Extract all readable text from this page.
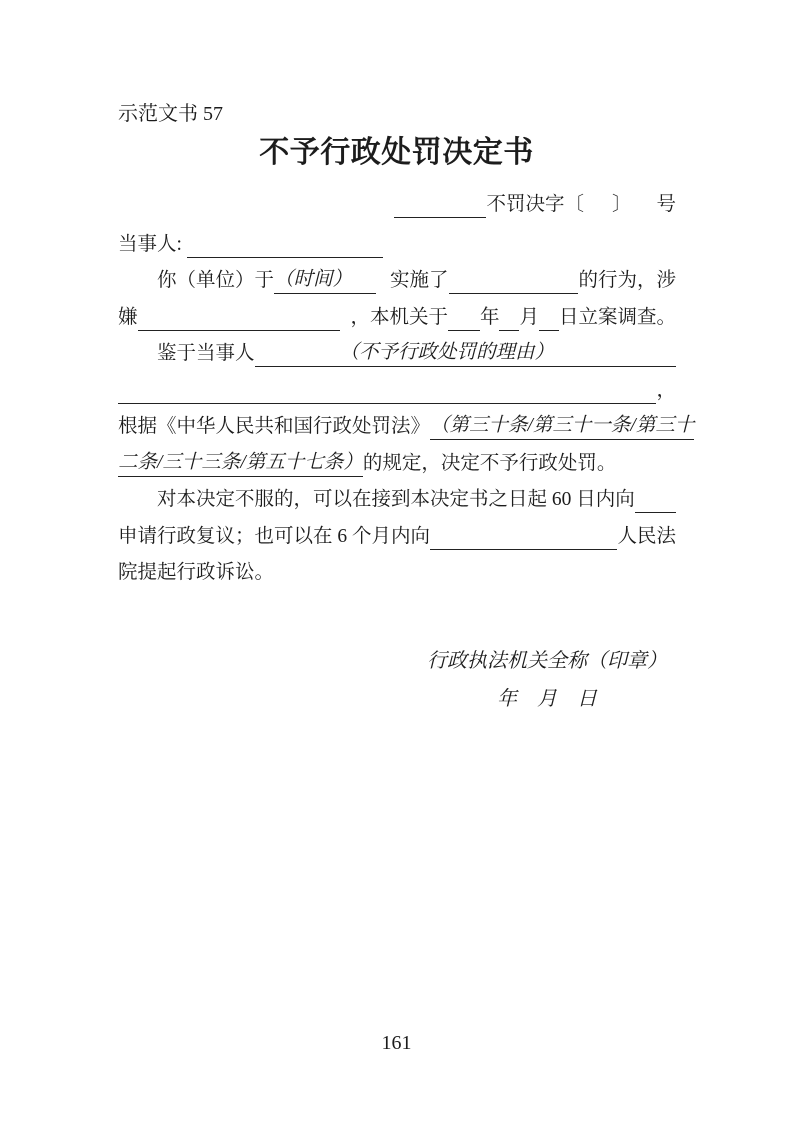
示范文书 57
不予行政处罚决定书
不罚决字〔 〕 号
当事人:
你（单位）于 （时间） 实施了	的行为，涉
嫌	，本机关于 年 月 日立案调查。
鉴于当事人	（不予行政处罚的理由）
，
根据《中华人民共和国行政处罚法》 （第三十条/第三十一条/第三十
二条/三十三条/第五十七条） 的规定，决定不予行政处罚。
对本决定不服的，可以在接到本决定书之日起 60 日内向
申请行政复议；也可以在 6 个月内向	人民法
院提起行政诉讼。
行政执法机关全称（印章）
年　月　日
161
